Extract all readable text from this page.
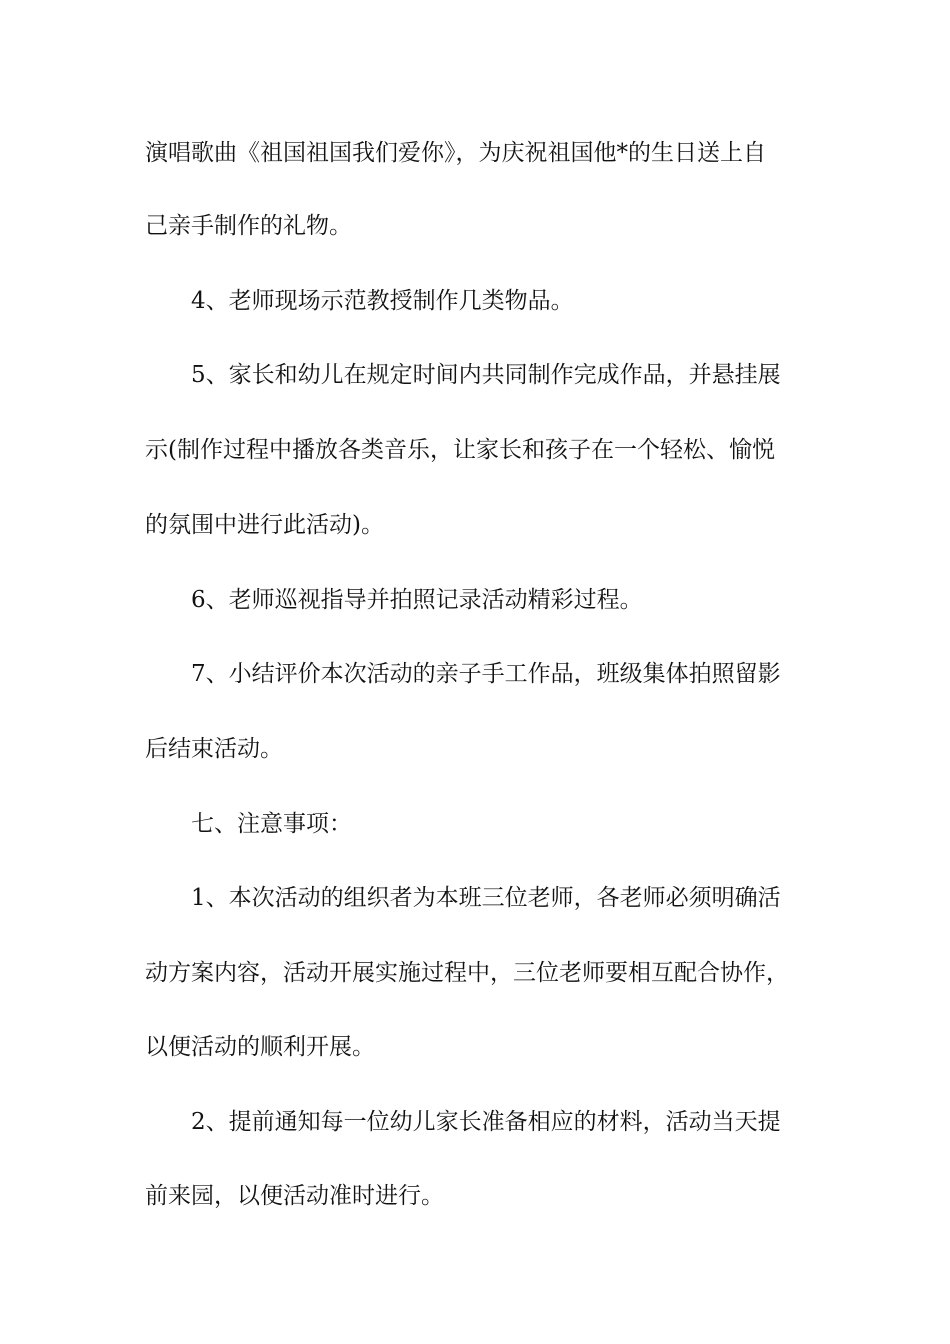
演唱歌曲《祖国祖国我们爱你》，为庆祝祖国他*的生日送上自
己亲手制作的礼物。
4、老师现场示范教授制作几类物品。
5、家长和幼儿在规定时间内共同制作完成作品，并悬挂展
示(制作过程中播放各类音乐，让家长和孩子在一个轻松、愉悦
的氛围中进行此活动)。
6、老师巡视指导并拍照记录活动精彩过程。
7、小结评价本次活动的亲子手工作品，班级集体拍照留影
后结束活动。
七、注意事项：
1、本次活动的组织者为本班三位老师，各老师必须明确活
动方案内容，活动开展实施过程中，三位老师要相互配合协作，
以便活动的顺利开展。
2、提前通知每一位幼儿家长准备相应的材料，活动当天提
前来园，以便活动准时进行。
